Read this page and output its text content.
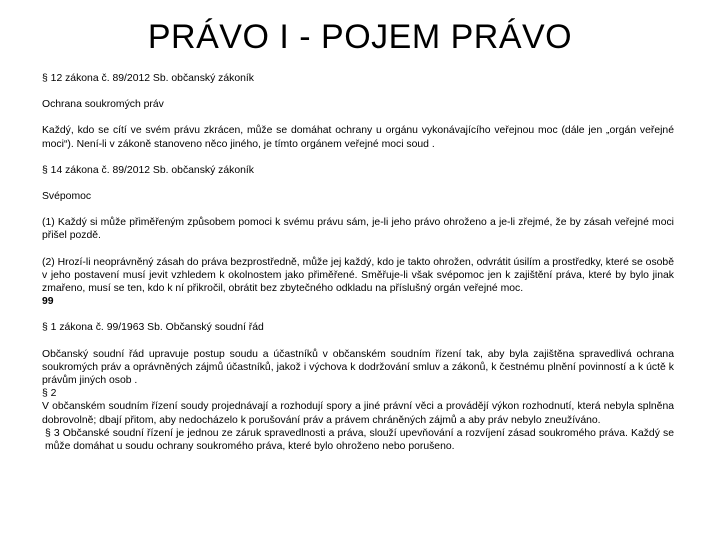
PRÁVO I - POJEM PRÁVO

§ 12 zákona č. 89/2012 Sb. občanský zákoník

Ochrana soukromých práv

Každý, kdo se cítí ve svém právu zkrácen, může se domáhat ochrany u orgánu vykonávajícího veřejnou moc (dále jen „orgán veřejné moci“). Není-li v zákoně stanoveno něco jiného, je tímto orgánem veřejné moci soud .

§ 14 zákona č. 89/2012 Sb. občanský zákoník

Svépomoc

(1) Každý si může přiměřeným způsobem pomoci k svému právu sám, je-li jeho právo ohroženo a je-li zřejmé, že by zásah veřejné moci přišel pozdě.

(2) Hrozí-li neoprávněný zásah do práva bezprostředně, může jej každý, kdo je takto ohrožen, odvrátit úsilím a prostředky, které se osobě v jeho postavení musí jevit vzhledem k okolnostem jako přiměřené. Směřuje-li však svépomoc jen k zajištění práva, které by bylo jinak zmařeno, musí se ten, kdo k ní přikročil, obrátit bez zbytečného odkladu na příslušný orgán veřejné moc.

99

§ 1 zákona č. 99/1963 Sb. Občanský soudní řád

Občanský soudní řád upravuje postup soudu a účastníků v občanském soudním řízení tak, aby byla zajištěna spravedlivá ochrana soukromých práv a oprávněných zájmů účastníků, jakož i výchova k dodržování smluv a zákonů, k čestnému plnění povinností a k úctě k právům jiných osob .

§ 2

V občanském soudním řízení soudy projednávají a rozhodují spory a jiné právní věci a provádějí výkon rozhodnutí, která nebyla splněna dobrovolně; dbají přitom, aby nedocházelo k porušování práv a právem chráněných zájmů a aby práv nebylo zneužíváno.

§ 3 Občanské soudní řízení je jednou ze záruk spravedlnosti a práva, slouží upevňování a rozvíjení zásad soukromého práva. Každý se může domáhat u soudu ochrany soukromého práva, které bylo ohroženo nebo porušeno.
